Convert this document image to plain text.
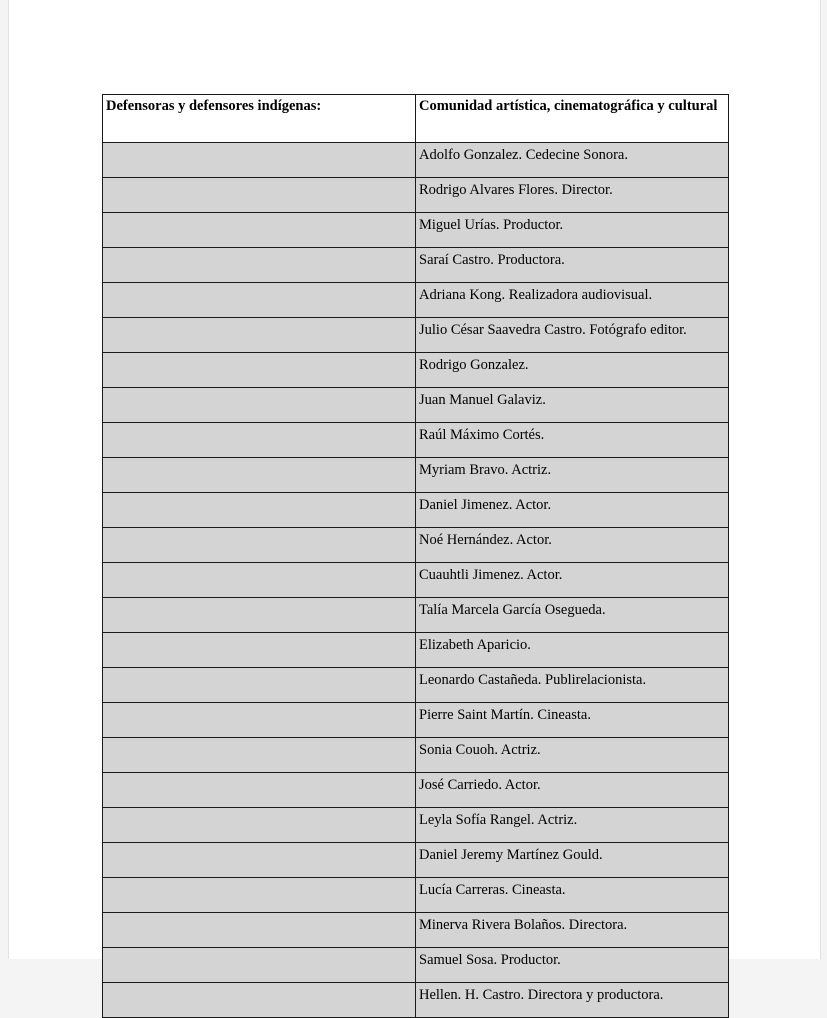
Defensoras y defensores indígenas:	Comunidad artística, cinematográfica y cultural
	Adolfo Gonzalez. Cedecine Sonora.
	Rodrigo Alvares Flores. Director.
	Miguel Urías. Productor.
	Saraí Castro. Productora.
	Adriana Kong. Realizadora audiovisual.
	Julio César Saavedra Castro. Fotógrafo editor.
	Rodrigo Gonzalez.
	Juan Manuel Galaviz.
	Raúl Máximo Cortés.
	Myriam Bravo. Actriz.
	Daniel Jimenez. Actor.
	Noé Hernández. Actor.
	Cuauhtli Jimenez. Actor.
	Talía Marcela García Osegueda.
	Elizabeth Aparicio.
	Leonardo Castañeda. Publirelacionista.
	Pierre Saint Martín. Cineasta.
	Sonia Couoh. Actriz.
	José Carriedo. Actor.
	Leyla Sofía Rangel. Actriz.
	Daniel Jeremy Martínez Gould.
	Lucía Carreras. Cineasta.
	Minerva Rivera Bolaños. Directora.
	Samuel Sosa. Productor.
	Hellen. H. Castro. Directora y productora.
